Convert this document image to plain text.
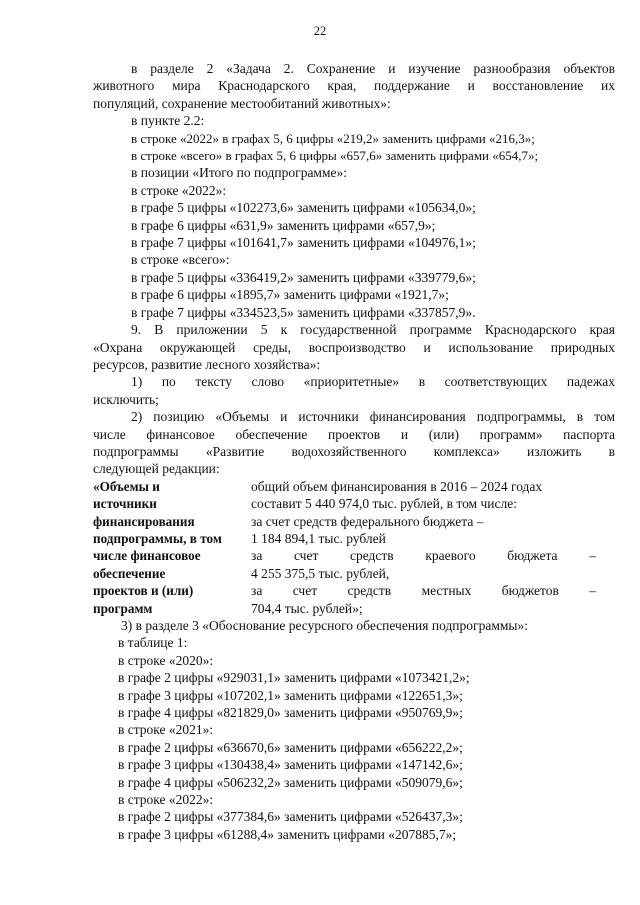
22
в разделе 2 «Задача 2. Сохранение и изучение разнообразия объектов
животного мира Краснодарского края, поддержание и восстановление их
популяций, сохранение местообитаний животных»:
в пункте 2.2:
в строке «2022» в графах 5, 6 цифры «219,2» заменить цифрами «216,3»;
в строке «всего» в графах 5, 6 цифры «657,6» заменить цифрами «654,7»;
в позиции «Итого по подпрограмме»:
в строке «2022»:
в графе 5 цифры «102273,6» заменить цифрами «105634,0»;
в графе 6 цифры «631,9» заменить цифрами «657,9»;
в графе 7 цифры «101641,7» заменить цифрами «104976,1»;
в строке «всего»:
в графе 5 цифры «336419,2» заменить цифрами «339779,6»;
в графе 6 цифры «1895,7» заменить цифрами «1921,7»;
в графе 7 цифры «334523,5» заменить цифрами «337857,9».
9. В приложении 5 к государственной программе Краснодарского края
«Охрана окружающей среды, воспроизводство и использование природных
ресурсов, развитие лесного хозяйства»:
1) по тексту слово «приоритетные» в соответствующих падежах
исключить;
2) позицию «Объемы и источники финансирования подпрограммы, в том
числе финансовое обеспечение проектов и (или) программ» паспорта
подпрограммы «Развитие водохозяйственного комплекса» изложить в
следующей редакции:
«Объемы и
источники
финансирования
подпрограммы, в том
числе финансовое
обеспечение
проектов и (или)
программ
общий объем финансирования в 2016 – 2024 годах
составит 5 440 974,0 тыс. рублей, в том числе:
за счет средств федерального бюджета –
1 184 894,1 тыс. рублей
за счет средств краевого бюджета –
4 255 375,5 тыс. рублей,
за счет средств местных бюджетов –
704,4 тыс. рублей»;
3) в разделе 3 «Обоснование ресурсного обеспечения подпрограммы»:
в таблице 1:
в строке «2020»:
в графе 2 цифры «929031,1» заменить цифрами «1073421,2»;
в графе 3 цифры «107202,1» заменить цифрами «122651,3»;
в графе 4 цифры «821829,0» заменить цифрами «950769,9»;
в строке «2021»:
в графе 2 цифры «636670,6» заменить цифрами «656222,2»;
в графе 3 цифры «130438,4» заменить цифрами «147142,6»;
в графе 4 цифры «506232,2» заменить цифрами «509079,6»;
в строке «2022»:
в графе 2 цифры «377384,6» заменить цифрами «526437,3»;
в графе 3 цифры «61288,4» заменить цифрами «207885,7»;
